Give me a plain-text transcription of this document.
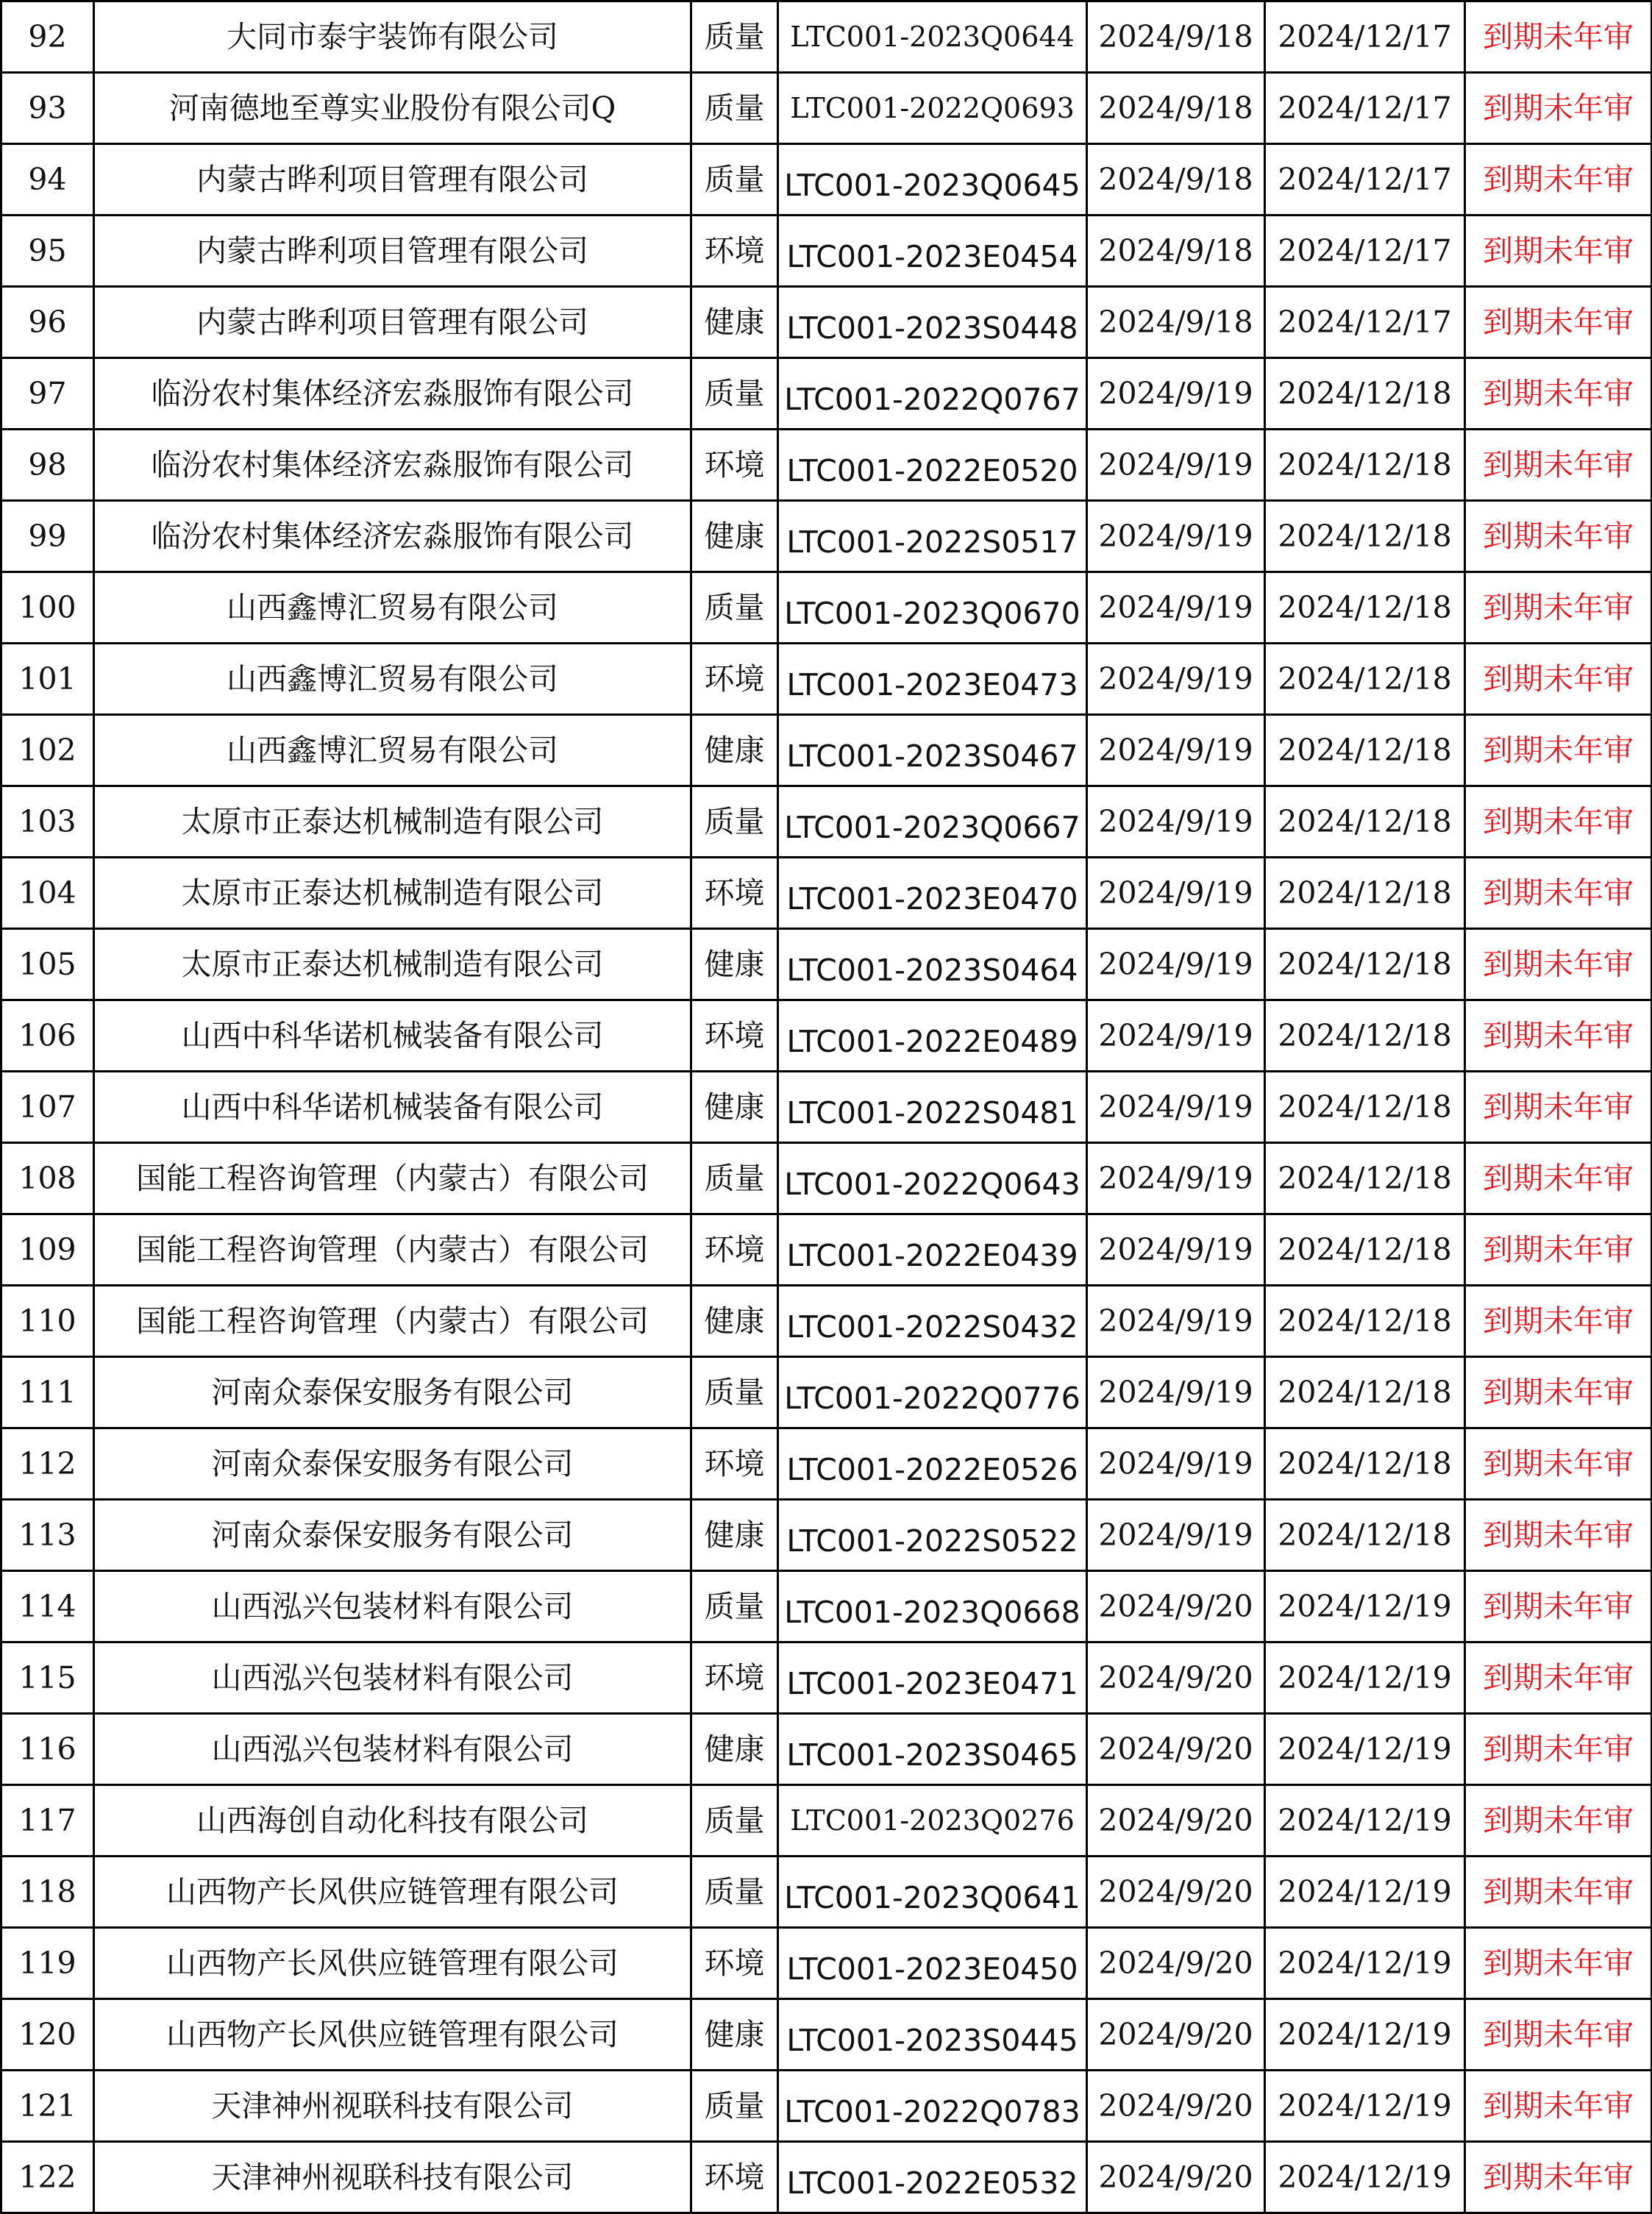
92	大同市泰宇装饰有限公司	质量	LTC001-2023Q0644	2024/9/18	2024/12/17	到期未年审
93	河南德地至尊实业股份有限公司Q	质量	LTC001-2022Q0693	2024/9/18	2024/12/17	到期未年审
94	内蒙古晔利项目管理有限公司	质量	LTC001-2023Q0645	2024/9/18	2024/12/17	到期未年审
95	内蒙古晔利项目管理有限公司	环境	LTC001-2023E0454	2024/9/18	2024/12/17	到期未年审
96	内蒙古晔利项目管理有限公司	健康	LTC001-2023S0448	2024/9/18	2024/12/17	到期未年审
97	临汾农村集体经济宏淼服饰有限公司	质量	LTC001-2022Q0767	2024/9/19	2024/12/18	到期未年审
98	临汾农村集体经济宏淼服饰有限公司	环境	LTC001-2022E0520	2024/9/19	2024/12/18	到期未年审
99	临汾农村集体经济宏淼服饰有限公司	健康	LTC001-2022S0517	2024/9/19	2024/12/18	到期未年审
100	山西鑫博汇贸易有限公司	质量	LTC001-2023Q0670	2024/9/19	2024/12/18	到期未年审
101	山西鑫博汇贸易有限公司	环境	LTC001-2023E0473	2024/9/19	2024/12/18	到期未年审
102	山西鑫博汇贸易有限公司	健康	LTC001-2023S0467	2024/9/19	2024/12/18	到期未年审
103	太原市正泰达机械制造有限公司	质量	LTC001-2023Q0667	2024/9/19	2024/12/18	到期未年审
104	太原市正泰达机械制造有限公司	环境	LTC001-2023E0470	2024/9/19	2024/12/18	到期未年审
105	太原市正泰达机械制造有限公司	健康	LTC001-2023S0464	2024/9/19	2024/12/18	到期未年审
106	山西中科华诺机械装备有限公司	环境	LTC001-2022E0489	2024/9/19	2024/12/18	到期未年审
107	山西中科华诺机械装备有限公司	健康	LTC001-2022S0481	2024/9/19	2024/12/18	到期未年审
108	国能工程咨询管理（内蒙古）有限公司	质量	LTC001-2022Q0643	2024/9/19	2024/12/18	到期未年审
109	国能工程咨询管理（内蒙古）有限公司	环境	LTC001-2022E0439	2024/9/19	2024/12/18	到期未年审
110	国能工程咨询管理（内蒙古）有限公司	健康	LTC001-2022S0432	2024/9/19	2024/12/18	到期未年审
111	河南众泰保安服务有限公司	质量	LTC001-2022Q0776	2024/9/19	2024/12/18	到期未年审
112	河南众泰保安服务有限公司	环境	LTC001-2022E0526	2024/9/19	2024/12/18	到期未年审
113	河南众泰保安服务有限公司	健康	LTC001-2022S0522	2024/9/19	2024/12/18	到期未年审
114	山西泓兴包装材料有限公司	质量	LTC001-2023Q0668	2024/9/20	2024/12/19	到期未年审
115	山西泓兴包装材料有限公司	环境	LTC001-2023E0471	2024/9/20	2024/12/19	到期未年审
116	山西泓兴包装材料有限公司	健康	LTC001-2023S0465	2024/9/20	2024/12/19	到期未年审
117	山西海创自动化科技有限公司	质量	LTC001-2023Q0276	2024/9/20	2024/12/19	到期未年审
118	山西物产长风供应链管理有限公司	质量	LTC001-2023Q0641	2024/9/20	2024/12/19	到期未年审
119	山西物产长风供应链管理有限公司	环境	LTC001-2023E0450	2024/9/20	2024/12/19	到期未年审
120	山西物产长风供应链管理有限公司	健康	LTC001-2023S0445	2024/9/20	2024/12/19	到期未年审
121	天津神州视联科技有限公司	质量	LTC001-2022Q0783	2024/9/20	2024/12/19	到期未年审
122	天津神州视联科技有限公司	环境	LTC001-2022E0532	2024/9/20	2024/12/19	到期未年审
